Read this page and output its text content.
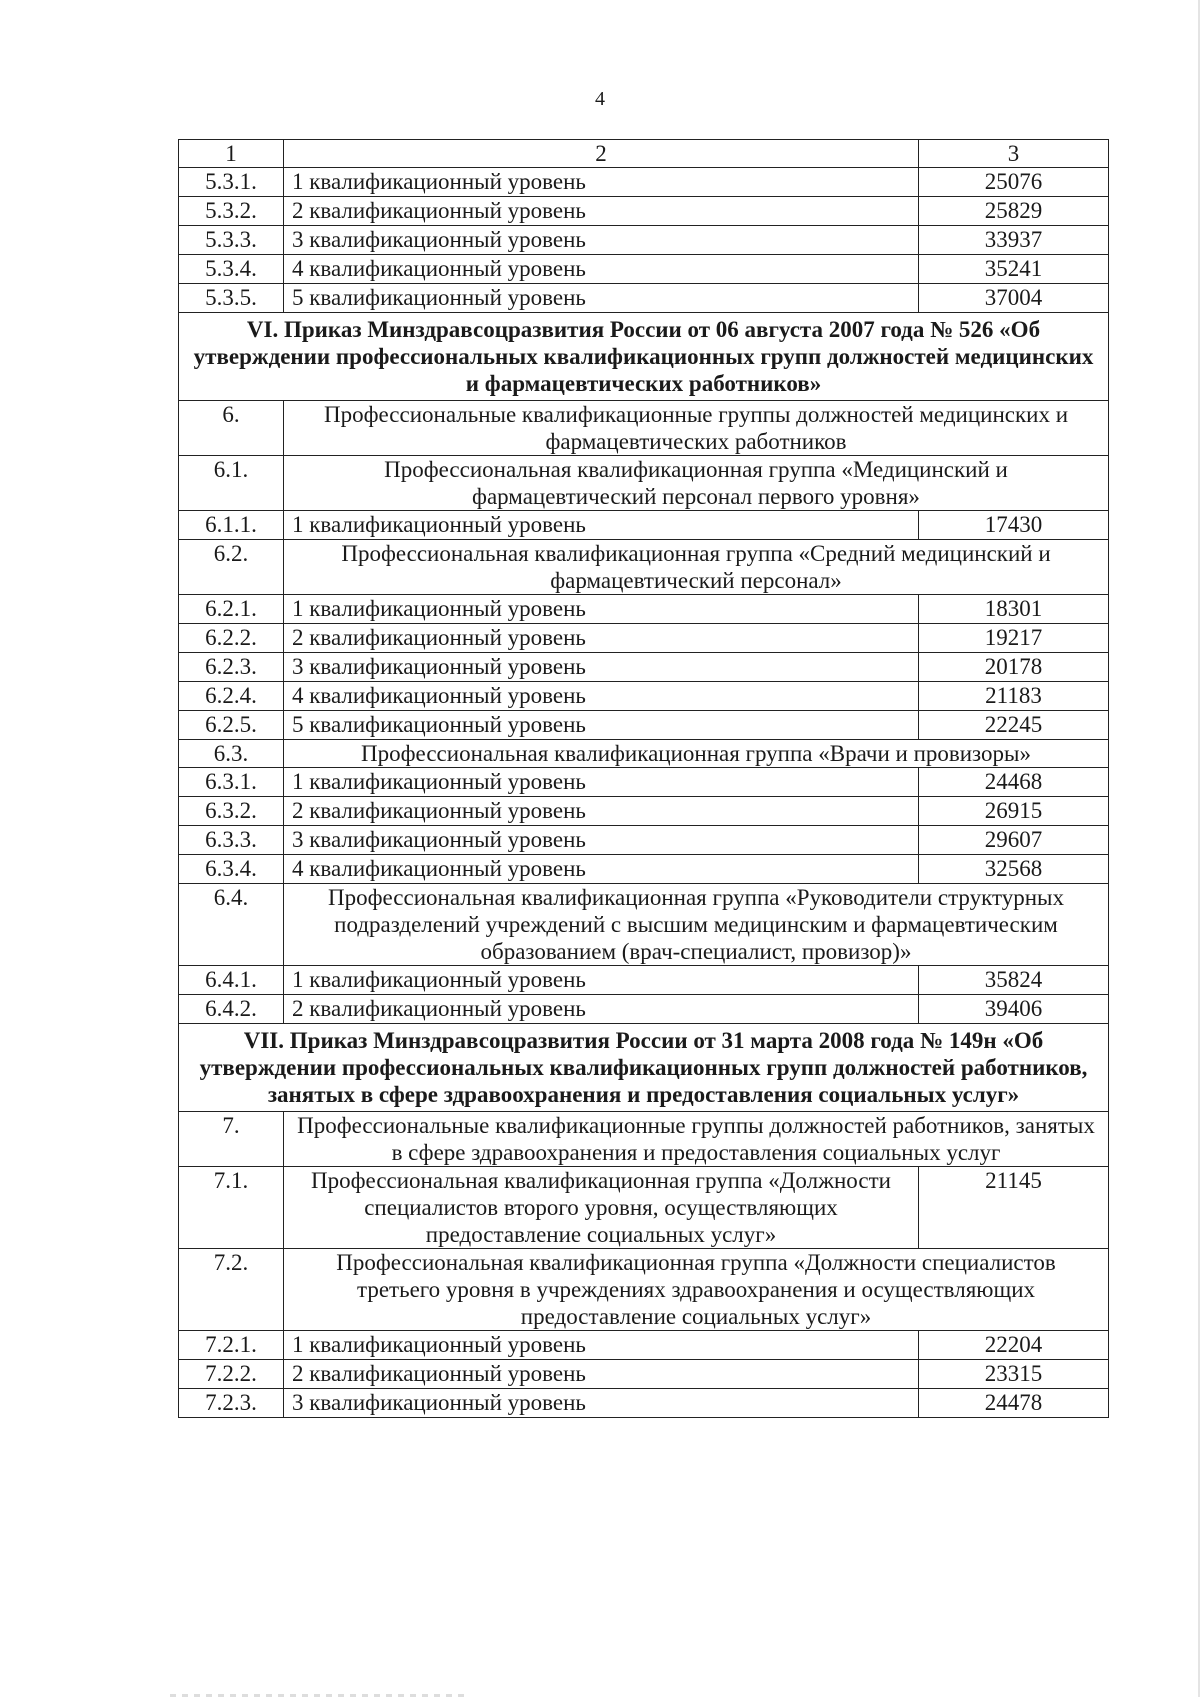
4
1	2	3
5.3.1.	1 квалификационный уровень	25076
5.3.2.	2 квалификационный уровень	25829
5.3.3.	3 квалификационный уровень	33937
5.3.4.	4 квалификационный уровень	35241
5.3.5.	5 квалификационный уровень	37004
VI. Приказ Минздравсоцразвития России от 06 августа 2007 года № 526 «Об утверждении профессиональных квалификационных групп должностей медицинских и фармацевтических работников»		
6.	Профессиональные квалификационные группы должностей медицинских и фармацевтических работников	
6.1.	Профессиональная квалификационная группа «Медицинский и фармацевтический персонал первого уровня»	
6.1.1.	1 квалификационный уровень	17430
6.2.	Профессиональная квалификационная группа «Средний медицинский и фармацевтический персонал»	
6.2.1.	1 квалификационный уровень	18301
6.2.2.	2 квалификационный уровень	19217
6.2.3.	3 квалификационный уровень	20178
6.2.4.	4 квалификационный уровень	21183
6.2.5.	5 квалификационный уровень	22245
6.3.	Профессиональная квалификационная группа «Врачи и провизоры»	
6.3.1.	1 квалификационный уровень	24468
6.3.2.	2 квалификационный уровень	26915
6.3.3.	3 квалификационный уровень	29607
6.3.4.	4 квалификационный уровень	32568
6.4.	Профессиональная квалификационная группа «Руководители структурных подразделений учреждений с высшим медицинским и фармацевтическим образованием (врач-специалист, провизор)»	
6.4.1.	1 квалификационный уровень	35824
6.4.2.	2 квалификационный уровень	39406
VII. Приказ Минздравсоцразвития России от 31 марта 2008 года № 149н «Об утверждении профессиональных квалификационных групп должностей работников, занятых в сфере здравоохранения и предоставления социальных услуг»		
7.	Профессиональные квалификационные группы должностей работников, занятых в сфере здравоохранения и предоставления социальных услуг	
7.1.	Профессиональная квалификационная группа «Должности специалистов второго уровня, осуществляющих предоставление социальных услуг»	21145
7.2.	Профессиональная квалификационная группа «Должности специалистов третьего уровня в учреждениях здравоохранения и осуществляющих предоставление социальных услуг»	
7.2.1.	1 квалификационный уровень	22204
7.2.2.	2 квалификационный уровень	23315
7.2.3.	3 квалификационный уровень	24478
